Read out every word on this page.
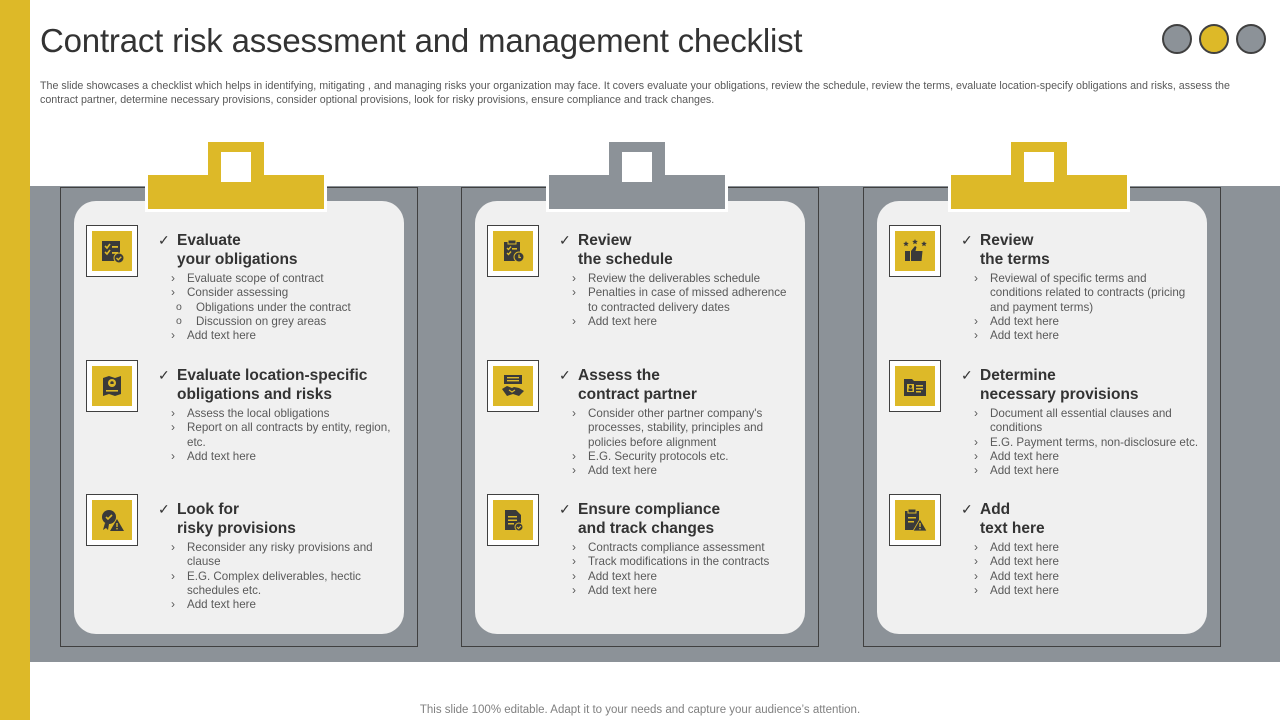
Contract risk assessment and management checklist

The slide showcases a checklist which helps in identifying, mitigating , and managing risks your organization may face. It covers evaluate your obligations, review the schedule, review the terms, evaluate location-specify obligations and risks, assess the contract partner, determine necessary provisions, consider optional provisions, look for risky provisions, ensure compliance and track changes.

✓ Evaluate
your obligations
› Evaluate scope of contract
› Consider assessing
o Obligations under the contract
o Discussion on grey areas
› Add text here
✓ Evaluate location-specific
obligations and risks
› Assess the local obligations
› Report on all contracts by entity, region, etc.
› Add text here
✓ Look for
risky provisions
› Reconsider any risky provisions and clause
› E.G. Complex deliverables, hectic schedules etc.
› Add text here
✓ Review
the schedule
› Review the deliverables schedule
› Penalties in case of missed adherence to contracted delivery dates
› Add text here
✓ Assess the
contract partner
› Consider other partner company's processes, stability, principles and policies before alignment
› E.G. Security protocols etc.
› Add text here
✓ Ensure compliance
and track changes
› Contracts compliance assessment
› Track modifications in the contracts
› Add text here
› Add text here
✓ Review
the terms
› Reviewal of specific terms and conditions related to contracts (pricing and payment terms)
› Add text here
› Add text here
✓ Determine
necessary provisions
› Document all essential clauses and conditions
› E.G. Payment terms, non-disclosure etc.
› Add text here
› Add text here
✓ Add
text here
› Add text here
› Add text here
› Add text here
› Add text here
This slide 100% editable. Adapt it to your needs and capture your audience’s attention.
